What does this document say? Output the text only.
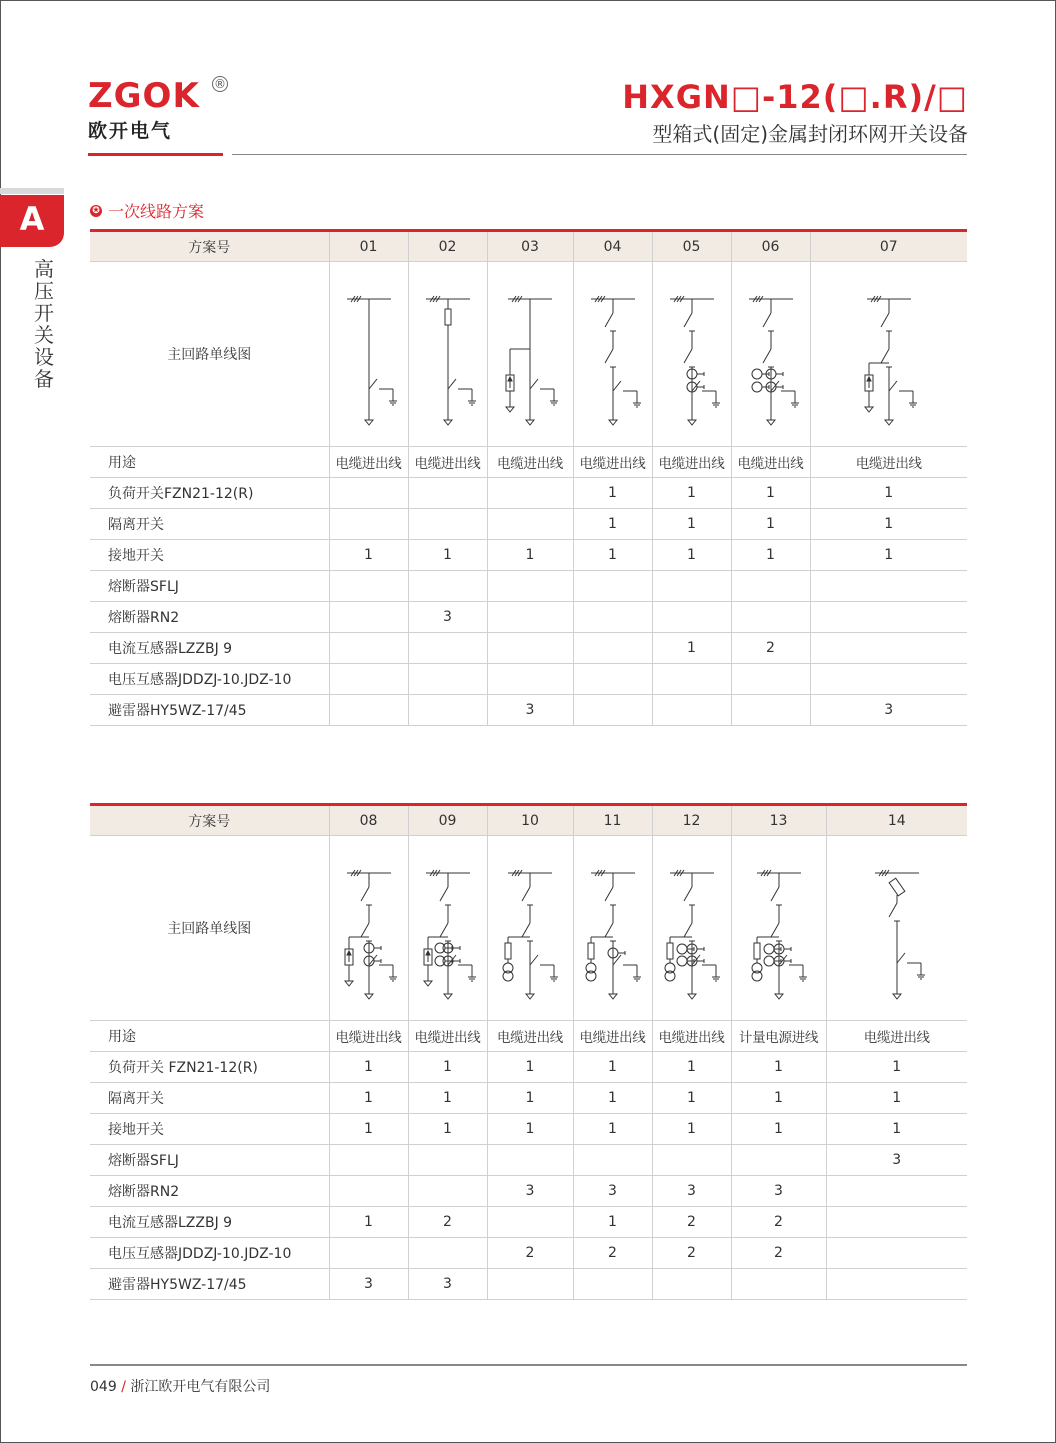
ZGOK ®
欧开电气
HXGN□-12(□.R)/□
型箱式(固定)金属封闭环网开关设备
A
高压开关设备
✪ 一次线路方案
方案号	01	02	03	04	05	06	07
主回路单线图	

用途	电缆进出线	电缆进出线	电缆进出线	电缆进出线	电缆进出线	电缆进出线	电缆进出线
负荷开关FZN21-12(R)				1	1	1	1
隔离开关				1	1	1	1
接地开关	1	1	1	1	1	1	1
熔断器SFLJ							
熔断器RN2		3					
电流互感器LZZBJ 9					1	2	
电压互感器JDDZJ-10.JDZ-10							
避雷器HY5WZ-17/45			3				3
方案号	08	09	10	11	12	13	14
主回路单线图	

用途	电缆进出线	电缆进出线	电缆进出线	电缆进出线	电缆进出线	计量电源进线	电缆进出线
负荷开关 FZN21-12(R)	1	1	1	1	1	1	1
隔离开关	1	1	1	1	1	1	1
接地开关	1	1	1	1	1	1	1
熔断器SFLJ							3
熔断器RN2			3	3	3	3	
电流互感器LZZBJ 9	1	2		1	2	2	
电压互感器JDDZJ-10.JDZ-10			2	2	2	2	
避雷器HY5WZ-17/45	3	3					
049 / 浙江欧开电气有限公司
